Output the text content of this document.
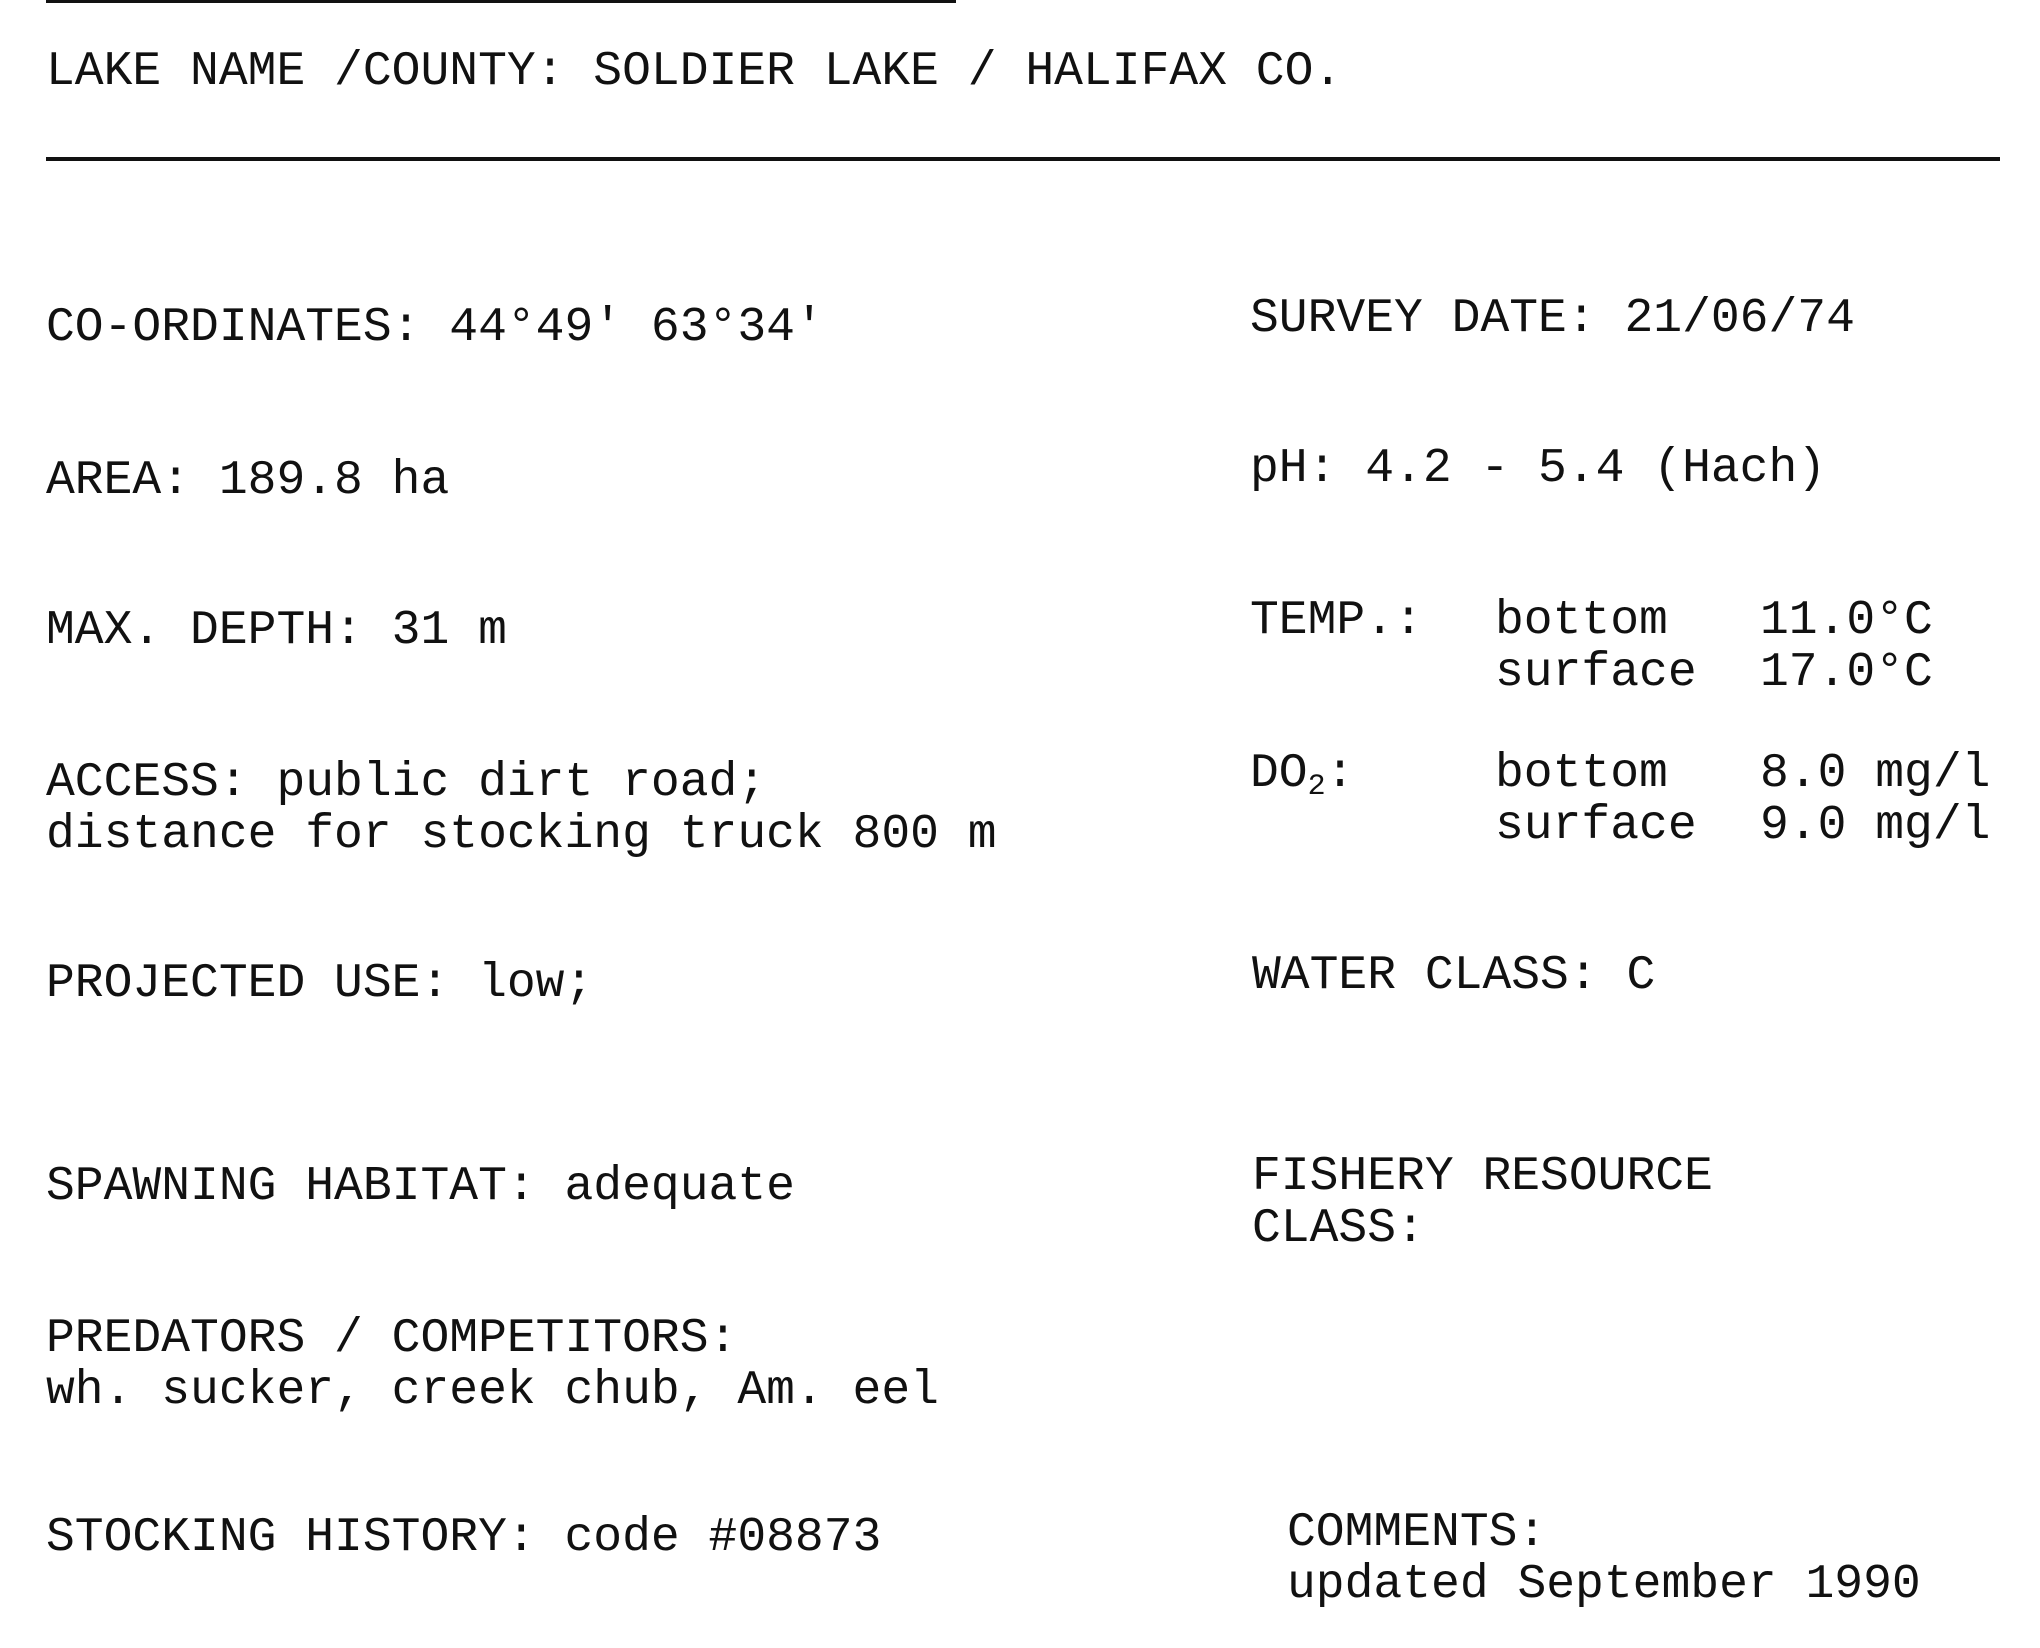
LAKE NAME /COUNTY: SOLDIER LAKE / HALIFAX CO.
CO-ORDINATES: 44°49' 63°34'
AREA: 189.8 ha
MAX. DEPTH: 31 m
ACCESS: public dirt road;
distance for stocking truck 800 m
PROJECTED USE: low;
SPAWNING HABITAT: adequate
PREDATORS / COMPETITORS:
wh. sucker, creek chub, Am. eel
STOCKING HISTORY: code #08873
SURVEY DATE: 21/06/74
pH: 4.2 - 5.4 (Hach)

TEMP.:

bottom

11.0°C

surface

17.0°C

$DO_2$:

	bottom

8.0 mg/l

surface

9.0 mg/l

WATER CLASS: C
FISHERY RESOURCE
CLASS:
COMMENTS:
updated September 1990
